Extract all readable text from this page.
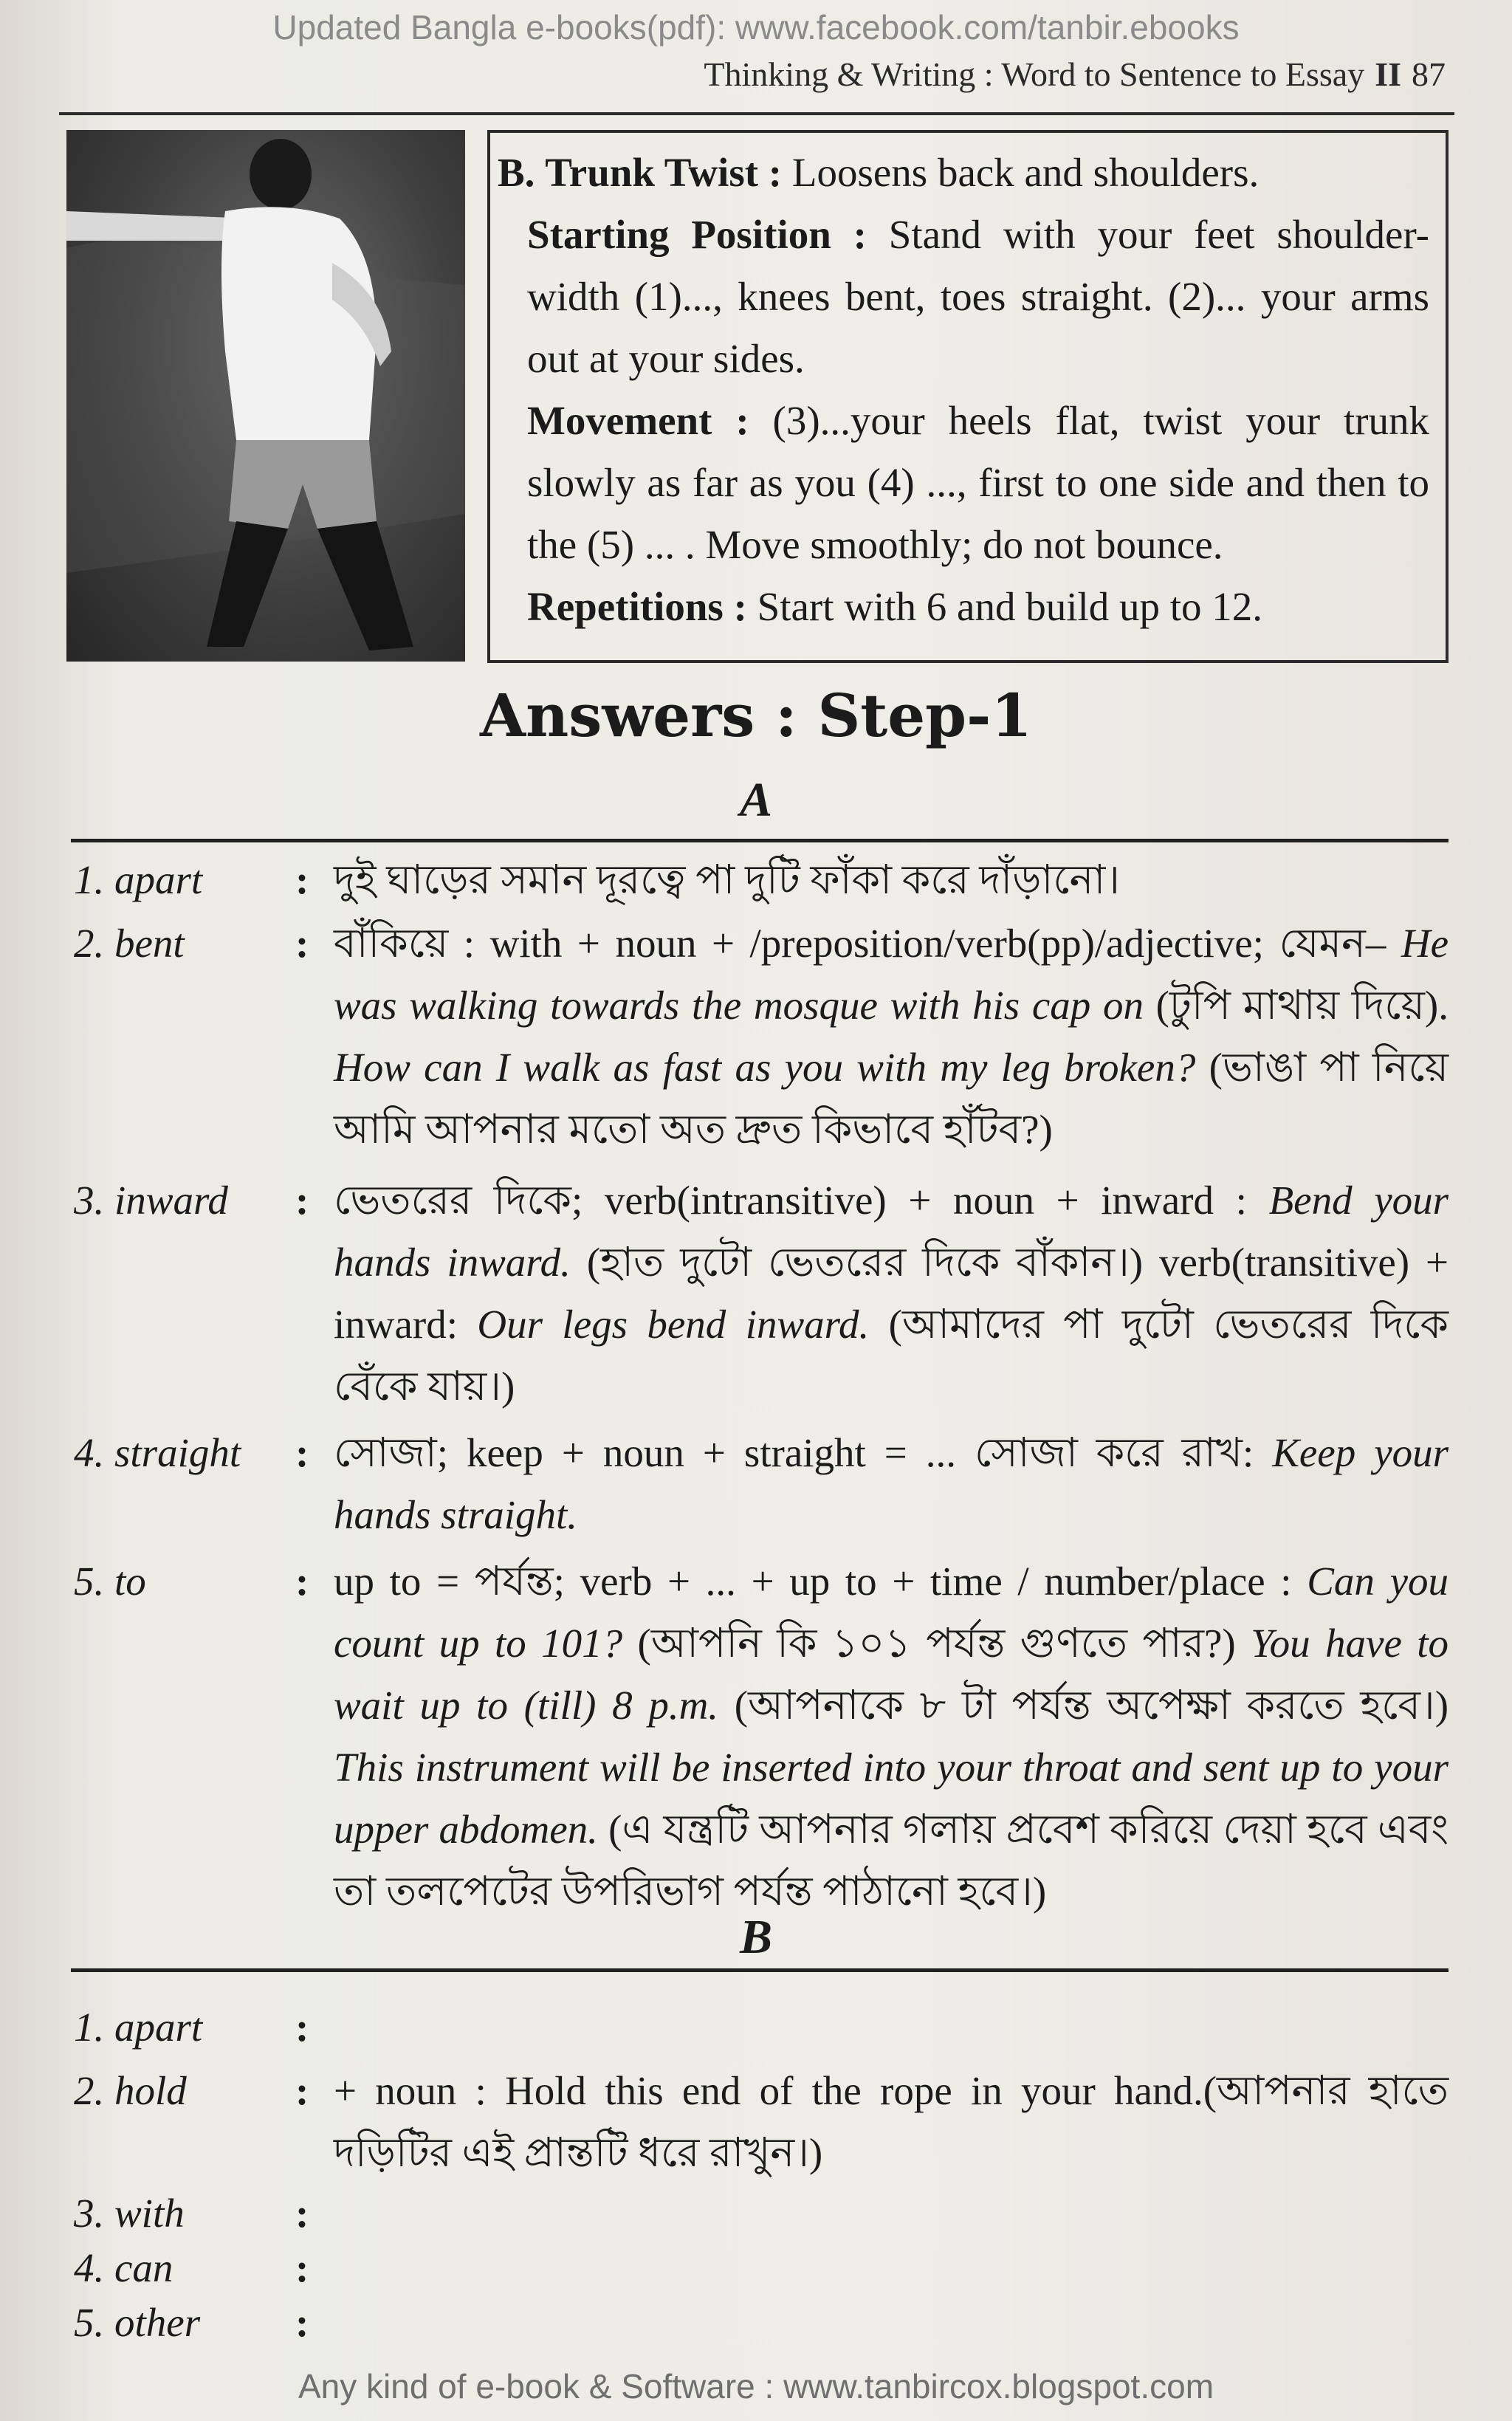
Updated Bangla e-books(pdf): www.facebook.com/tanbir.ebooks
Thinking & Writing : Word to Sentence to Essay II 87

B. Trunk Twist : Loosens back and shoulders.

Starting Position : Stand with your feet shoulder-width (1)..., knees bent, toes straight. (2)... your arms out at your sides.

Movement : (3)...your heels flat, twist your trunk slowly as far as you (4) ..., first to one side and then to the (5) ... . Move smoothly; do not bounce.

Repetitions : Start with 6 and build up to 12.

Answers : Step-1
A
1. apart : দুই ঘাড়ের সমান দূরত্বে পা দুটি ফাঁকা করে দাঁড়ানো।
2. bent	: বাঁকিয়ে : with + noun + /preposition/verb(pp)/adjective; যেমন– He was walking towards the mosque with his cap on (টুপি মাথায় দিয়ে). How can I walk as fast as you with my leg broken? (ভাঙা পা নিয়ে আমি আপনার মতো অত দ্রুত কিভাবে হাঁটব?)
3. inward : ভেতরের দিকে; verb(intransitive) + noun + inward : Bend your hands inward. (হাত দুটো ভেতরের দিকে বাঁকান।) verb(transitive) + inward: Our legs bend inward. (আমাদের পা দুটো ভেতরের দিকে বেঁকে যায়।)
4. straight : সোজা; keep + noun + straight = ... সোজা করে রাখ: Keep your hands straight.
5. to	: up to = পর্যন্ত; verb + ... + up to + time / number/place : Can you count up to 101? (আপনি কি ১০১ পর্যন্ত গুণতে পার?) You have to wait up to (till) 8 p.m. (আপনাকে ৮ টা পর্যন্ত অপেক্ষা করতে হবে।) This instrument will be inserted into your throat and sent up to your upper abdomen. (এ যন্ত্রটি আপনার গলায় প্রবেশ করিয়ে দেয়া হবে এবং তা তলপেটের উপরিভাগ পর্যন্ত পাঠানো হবে।)
B
1. apart :
2. hold	: + noun : Hold this end of the rope in your hand.(আপনার হাতে দড়িটির এই প্রান্তটি ধরে রাখুন।)
3. with	:
4. can	:
5. other :
Any kind of e-book & Software : www.tanbircox.blogspot.com
